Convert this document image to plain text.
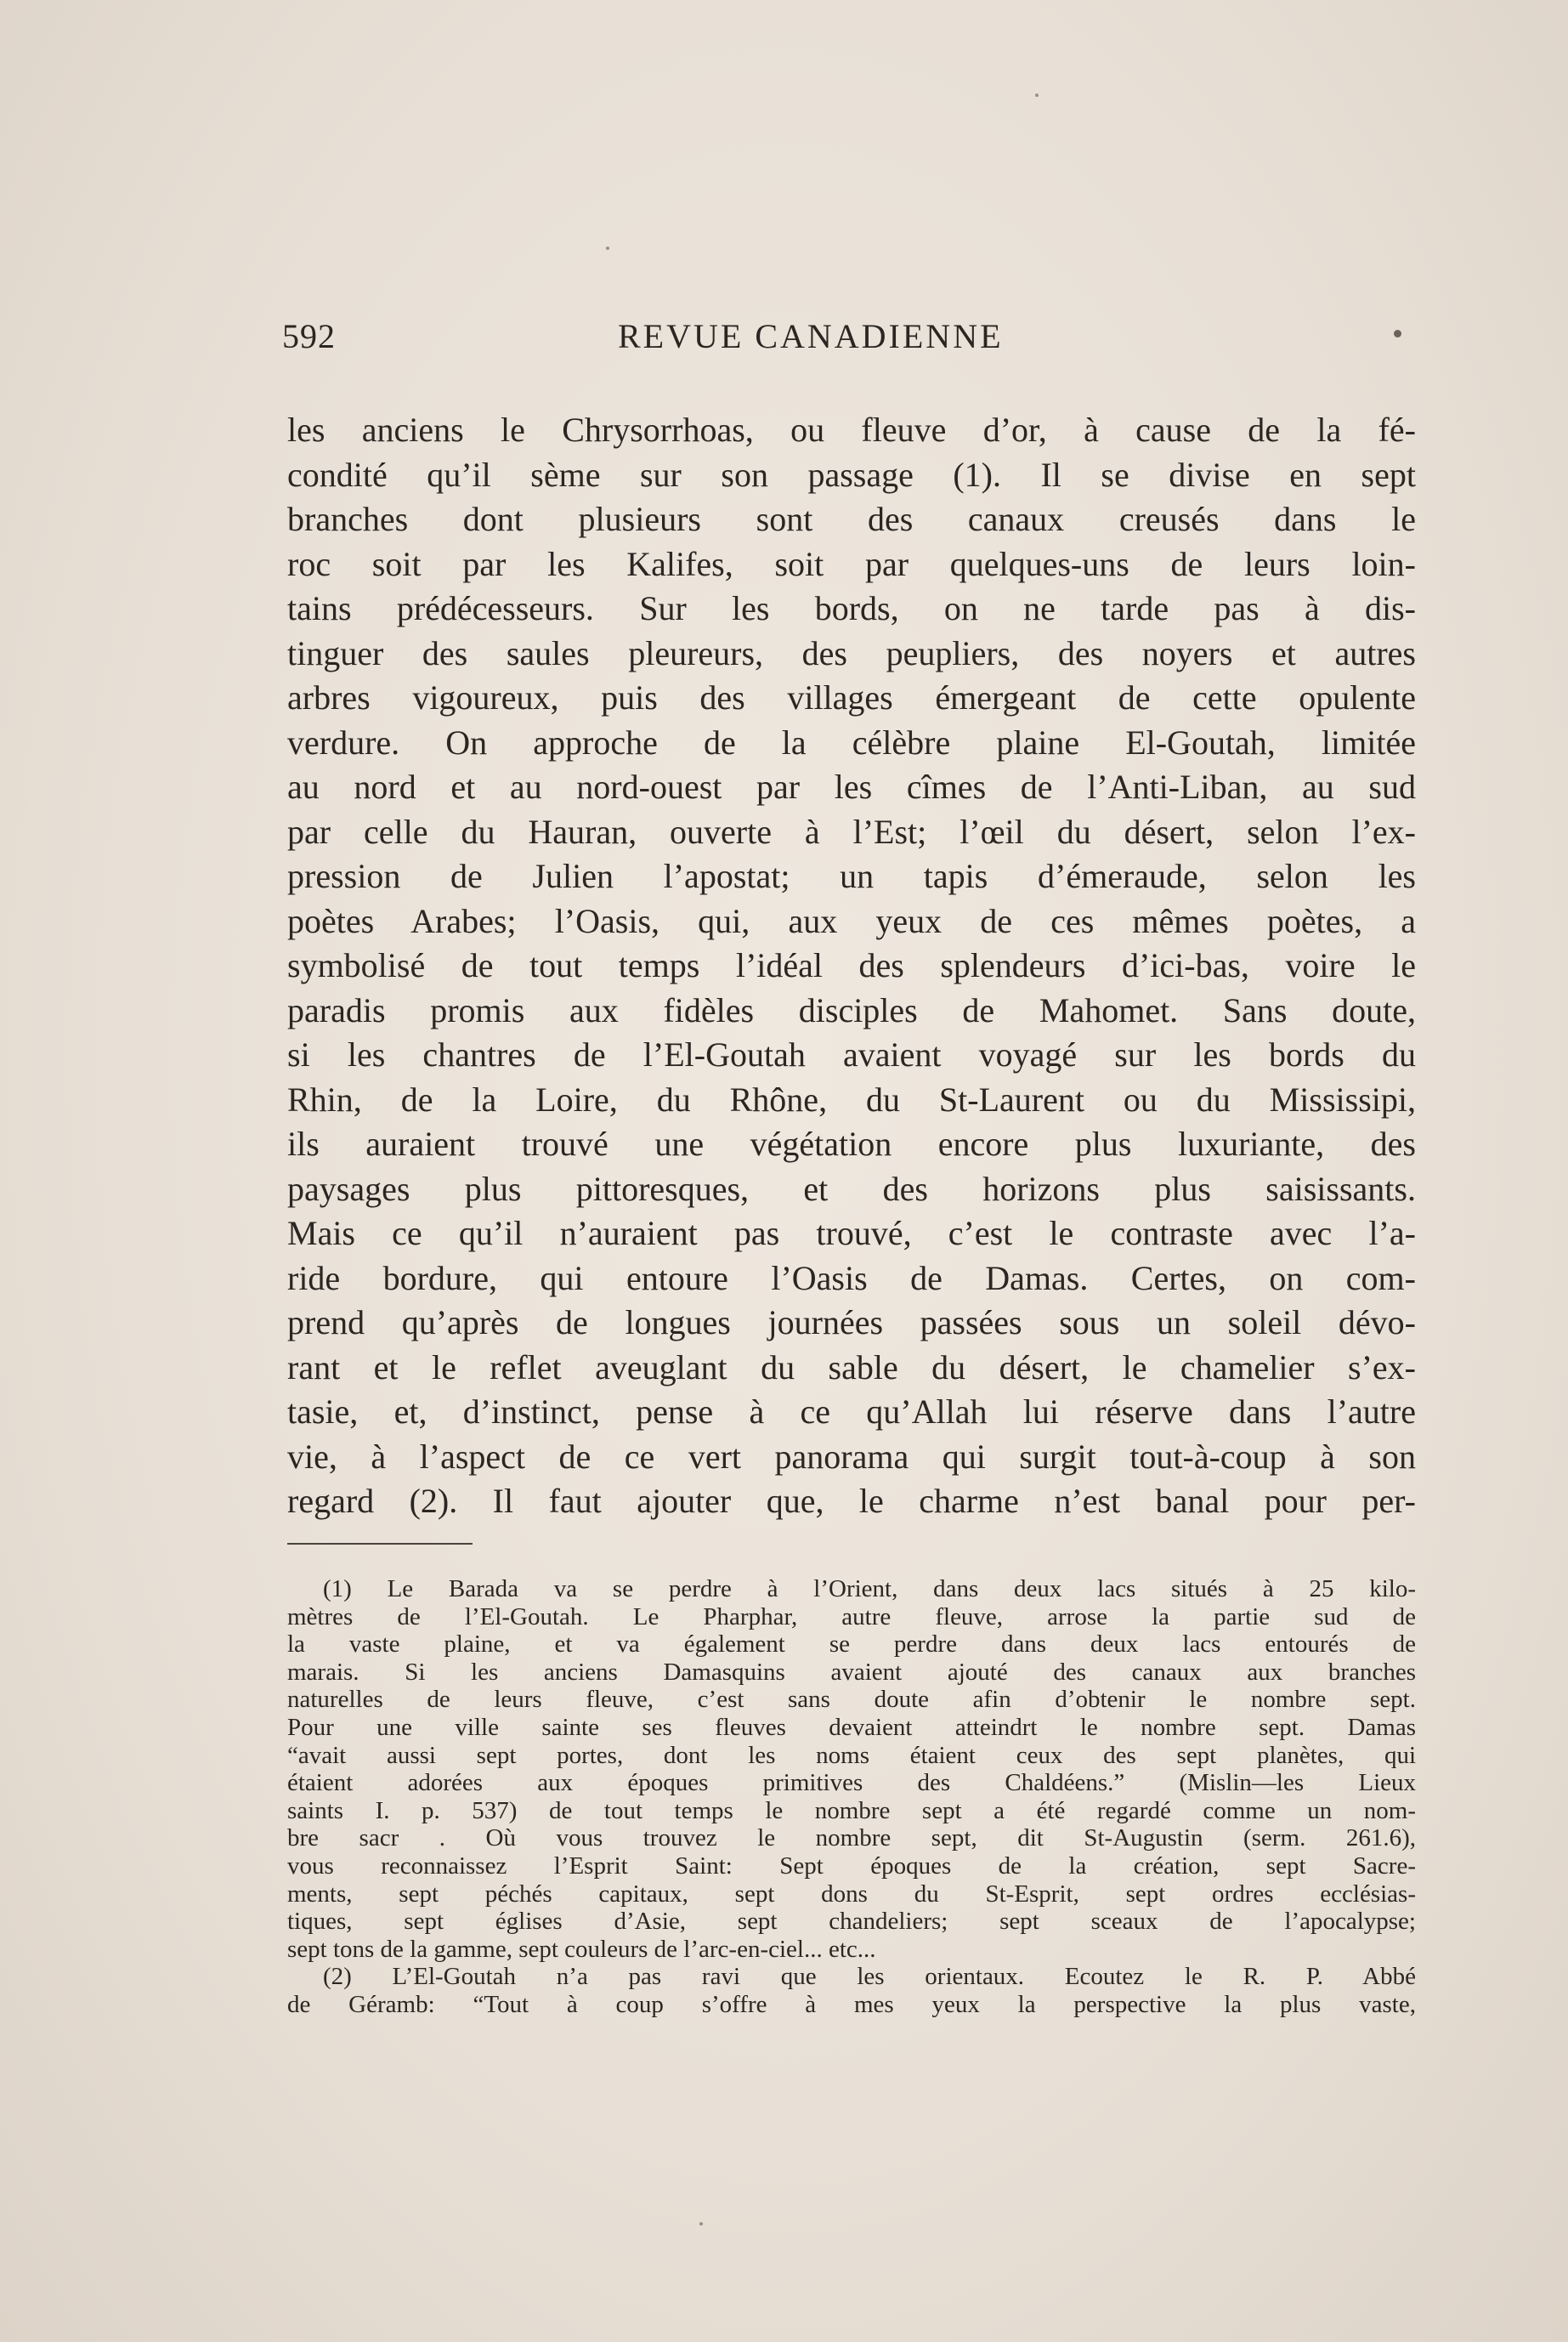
592	REVUE CANADIENNE
les anciens le Chrysorrhoas, ou fleuve d’or, à cause de la fé-
condité qu’il sème sur son passage (1). Il se divise en sept
branches dont plusieurs sont des canaux creusés dans le
roc soit par les Kalifes, soit par quelques-uns de leurs loin-
tains prédécesseurs. Sur les bords, on ne tarde pas à dis-
tinguer des saules pleureurs, des peupliers, des noyers et autres
arbres vigoureux, puis des villages émergeant de cette opulente
verdure. On approche de la célèbre plaine El-Goutah, limitée
au nord et au nord-ouest par les cîmes de l’Anti-Liban, au sud
par celle du Hauran, ouverte à l’Est; l’œil du désert, selon l’ex-
pression de Julien l’apostat; un tapis d’émeraude, selon les
poètes Arabes; l’Oasis, qui, aux yeux de ces mêmes poètes, a
symbolisé de tout temps l’idéal des splendeurs d’ici-bas, voire le
paradis promis aux fidèles disciples de Mahomet. Sans doute,
si les chantres de l’El-Goutah avaient voyagé sur les bords du
Rhin, de la Loire, du Rhône, du St-Laurent ou du Mississipi,
ils auraient trouvé une végétation encore plus luxuriante, des
paysages plus pittoresques, et des horizons plus saisissants.
Mais ce qu’il n’auraient pas trouvé, c’est le contraste avec l’a-
ride bordure, qui entoure l’Oasis de Damas. Certes, on com-
prend qu’après de longues journées passées sous un soleil dévo-
rant et le reflet aveuglant du sable du désert, le chamelier s’ex-
tasie, et, d’instinct, pense à ce qu’Allah lui réserve dans l’autre
vie, à l’aspect de ce vert panorama qui surgit tout-à-coup à son
regard (2). Il faut ajouter que, le charme n’est banal pour per-
(1) Le Barada va se perdre à l’Orient, dans deux lacs situés à 25 kilo-
mètres de l’El-Goutah. Le Pharphar, autre fleuve, arrose la partie sud de
la vaste plaine, et va également se perdre dans deux lacs entourés de
marais. Si les anciens Damasquins avaient ajouté des canaux aux branches
naturelles de leurs fleuve, c’est sans doute afin d’obtenir le nombre sept.
Pour une ville sainte ses fleuves devaient atteindrt le nombre sept. Damas
“avait aussi sept portes, dont les noms étaient ceux des sept planètes, qui
étaient adorées aux époques primitives des Chaldéens.” (Mislin—les Lieux
saints I. p. 537) de tout temps le nombre sept a été regardé comme un nom-
bre sacr . Où vous trouvez le nombre sept, dit St-Augustin (serm. 261.6),
vous reconnaissez l’Esprit Saint: Sept époques de la création, sept Sacre-
ments, sept péchés capitaux, sept dons du St-Esprit, sept ordres ecclésias-
tiques, sept églises d’Asie, sept chandeliers; sept sceaux de l’apocalypse;
sept tons de la gamme, sept couleurs de l’arc-en-ciel... etc...
(2) L’El-Goutah n’a pas ravi que les orientaux. Ecoutez le R. P. Abbé
de Géramb: “Tout à coup s’offre à mes yeux la perspective la plus vaste,
